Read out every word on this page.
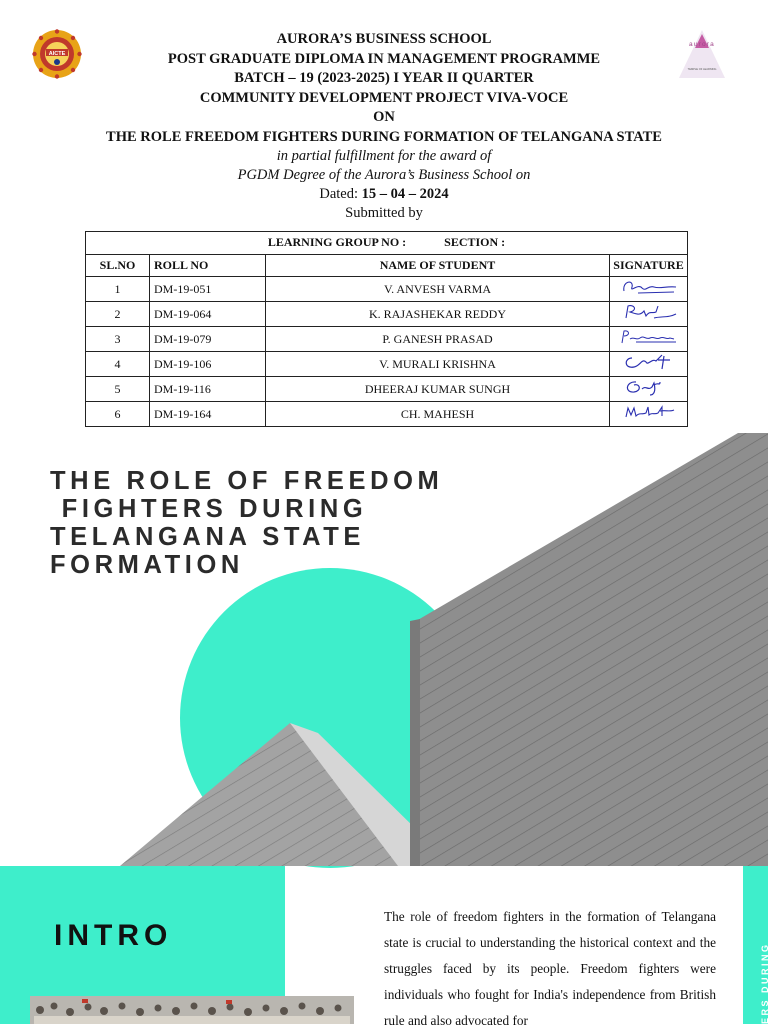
AICTE
aurora
TEMPLE OF LEARNING
AURORA’S BUSINESS SCHOOL
POST GRADUATE DIPLOMA IN MANAGEMENT PROGRAMME
BATCH – 19 (2023-2025) I YEAR II QUARTER
COMMUNITY DEVELOPMENT PROJECT VIVA-VOCE
ON
THE ROLE FREEDOM FIGHTERS DURING FORMATION OF TELANGANA STATE
in partial fulfillment for the award of
PGDM Degree of the Aurora’s Business School on
Dated: 15 – 04 – 2024
Submitted by
LEARNING GROUP NO : SECTION :			
SL.NO	ROLL NO	NAME OF STUDENT	SIGNATURE
1	DM-19-051	V. ANVESH VARMA	
2	DM-19-064	K. RAJASHEKAR REDDY	
3	DM-19-079	P. GANESH PRASAD	
4	DM-19-106	V. MURALI KRISHNA	
5	DM-19-116	DHEERAJ KUMAR SUNGH	
6	DM-19-164	CH. MAHESH	
THE ROLE OF FREEDOM
FIGHTERS DURING
TELANGANA STATE
FORMATION
INTRO
The role of freedom fighters in the formation of Telangana state is crucial to understanding the historical context and the struggles faced by its people. Freedom fighters were individuals who fought for India's independence from British rule and also advocated for	ERS DURING
